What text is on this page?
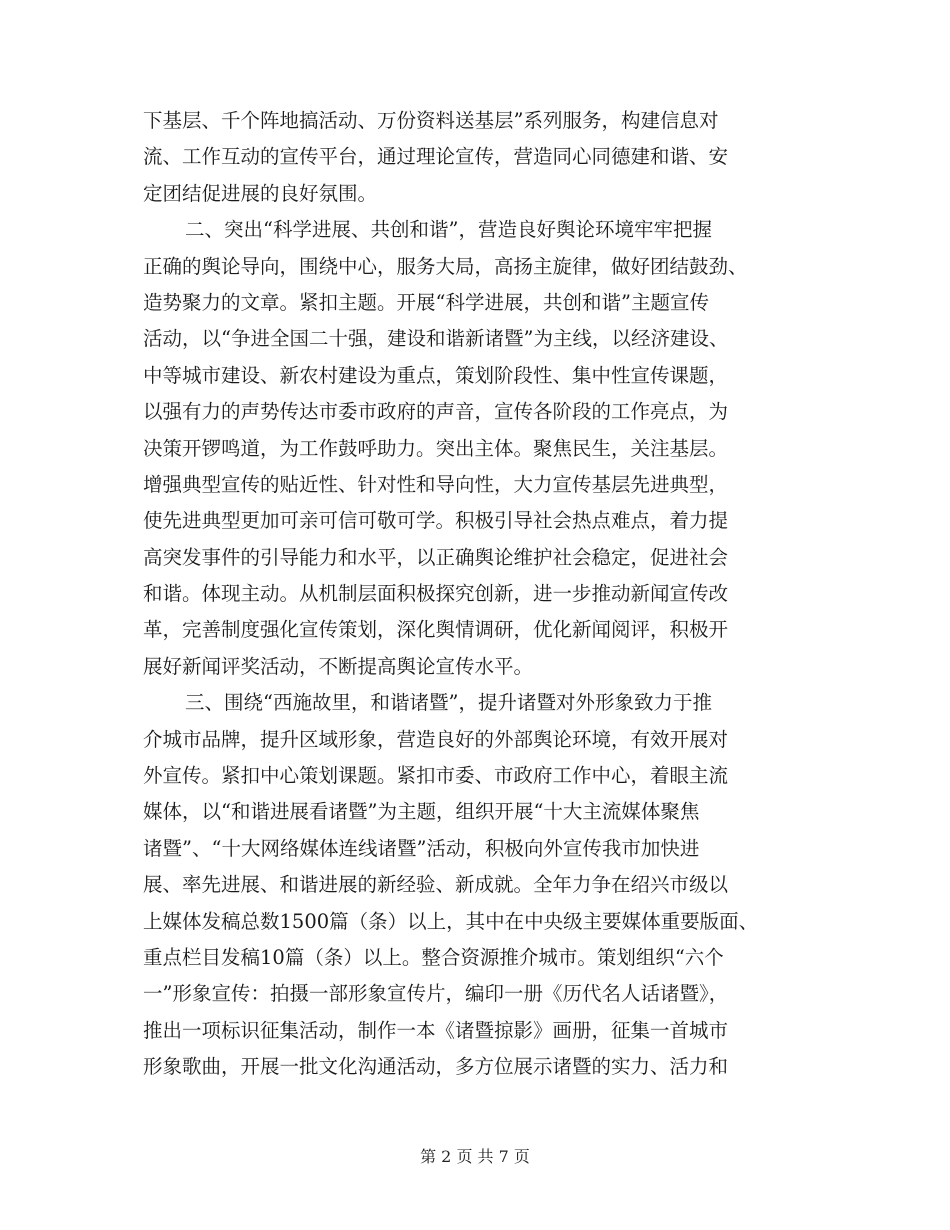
下基层、千个阵地搞活动、万份资料送基层”系列服务，构建信息对
流、工作互动的宣传平台，通过理论宣传，营造同心同德建和谐、安
定团结促进展的良好氛围。
二、突出“科学进展、共创和谐”，营造良好舆论环境牢牢把握
正确的舆论导向，围绕中心，服务大局，高扬主旋律，做好团结鼓劲、
造势聚力的文章。紧扣主题。开展“科学进展，共创和谐”主题宣传
活动，以“争进全国二十强，建设和谐新诸暨”为主线，以经济建设、
中等城市建设、新农村建设为重点，策划阶段性、集中性宣传课题，
以强有力的声势传达市委市政府的声音，宣传各阶段的工作亮点，为
决策开锣鸣道，为工作鼓呼助力。突出主体。聚焦民生，关注基层。
增强典型宣传的贴近性、针对性和导向性，大力宣传基层先进典型，
使先进典型更加可亲可信可敬可学。积极引导社会热点难点，着力提
高突发事件的引导能力和水平，以正确舆论维护社会稳定，促进社会
和谐。体现主动。从机制层面积极探究创新，进一步推动新闻宣传改
革，完善制度强化宣传策划，深化舆情调研，优化新闻阅评，积极开
展好新闻评奖活动，不断提高舆论宣传水平。
三、围绕“西施故里，和谐诸暨”，提升诸暨对外形象致力于推
介城市品牌，提升区域形象，营造良好的外部舆论环境，有效开展对
外宣传。紧扣中心策划课题。紧扣市委、市政府工作中心，着眼主流
媒体，以“和谐进展看诸暨”为主题，组织开展“十大主流媒体聚焦
诸暨”、“十大网络媒体连线诸暨”活动，积极向外宣传我市加快进
展、率先进展、和谐进展的新经验、新成就。全年力争在绍兴市级以
上媒体发稿总数1500篇（条）以上，其中在中央级主要媒体重要版面、
重点栏目发稿10篇（条）以上。整合资源推介城市。策划组织“六个
一”形象宣传：拍摄一部形象宣传片，编印一册《历代名人话诸暨》，
推出一项标识征集活动，制作一本《诸暨掠影》画册，征集一首城市
形象歌曲，开展一批文化沟通活动，多方位展示诸暨的实力、活力和
第 2 页 共 7 页
